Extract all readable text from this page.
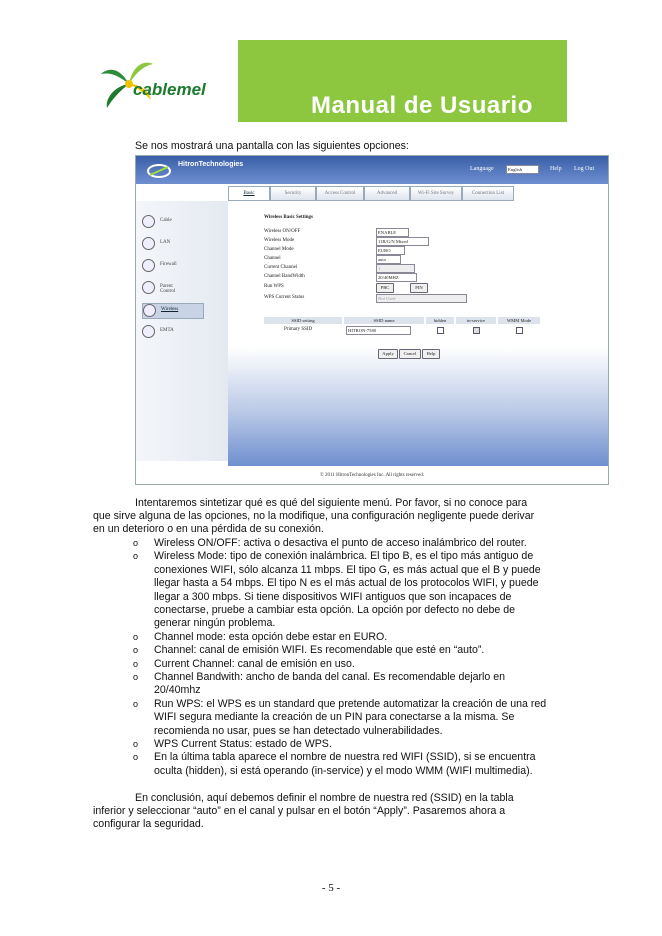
cablemel
Manual de Usuario
Se nos mostrará una pantalla con las siguientes opciones:
HitronTechnologies
Language	English	Help Log Out
Basic	Security	Access Control	Advanced	Wi-Fi Site Survey	Connection List
Cable
LAN
Firewall
Parent Control
Wireless
EMTA
Wireless Basic Settings
Wireless ON/OFF	ENABLE
Wireless Mode	11B/G/N Mixed
Channel Mode	EURO
Channel	auto
Current Channel	1
Channel BandWidth	20/40MHZ
Run WPS	PBC	PIN
WPS Current Status	Not Used
SSID setting	SSID name	hidden	in-service	WMM Mode
Primary SSID	HITRON-7580
Apply	Cancel	Help
© 2011 HitronTechnologies Inc. All rights reserved.
Intentaremos sintetizar qué es qué del siguiente menú. Por favor, si no conoce para
que sirve alguna de las opciones, no la modifique, una configuración negligente puede derivar
en un deterioro o en una pérdida de su conexión.
o Wireless ON/OFF: activa o desactiva el punto de acceso inalámbrico del router.
o Wireless Mode: tipo de conexión inalámbrica. El tipo B, es el tipo más antiguo de
conexiones WIFI, sólo alcanza 11 mbps. El tipo G, es más actual que el B y puede
llegar hasta a 54 mbps. El tipo N es el más actual de los protocolos WIFI, y puede
llegar a 300 mbps. Si tiene dispositivos WIFI antiguos que son incapaces de
conectarse, pruebe a cambiar esta opción. La opción por defecto no debe de
generar ningún problema.
o Channel mode: esta opción debe estar en EURO.
o Channel: canal de emisión WIFI. Es recomendable que esté en “auto”.
o Current Channel: canal de emisión en uso.
o Channel Bandwith: ancho de banda del canal. Es recomendable dejarlo en
20/40mhz
o Run WPS: el WPS es un standard que pretende automatizar la creación de una red
WIFI segura mediante la creación de un PIN para conectarse a la misma. Se
recomienda no usar, pues se han detectado vulnerabilidades.
o WPS Current Status: estado de WPS.
o En la última tabla aparece el nombre de nuestra red WIFI (SSID), si se encuentra
oculta (hidden), si está operando (in-service) y el modo WMM (WIFI multimedia).
En conclusión, aquí debemos definir el nombre de nuestra red (SSID) en la tabla
inferior y seleccionar “auto” en el canal y pulsar en el botón “Apply”. Pasaremos ahora a
configurar la seguridad.
- 5 -
